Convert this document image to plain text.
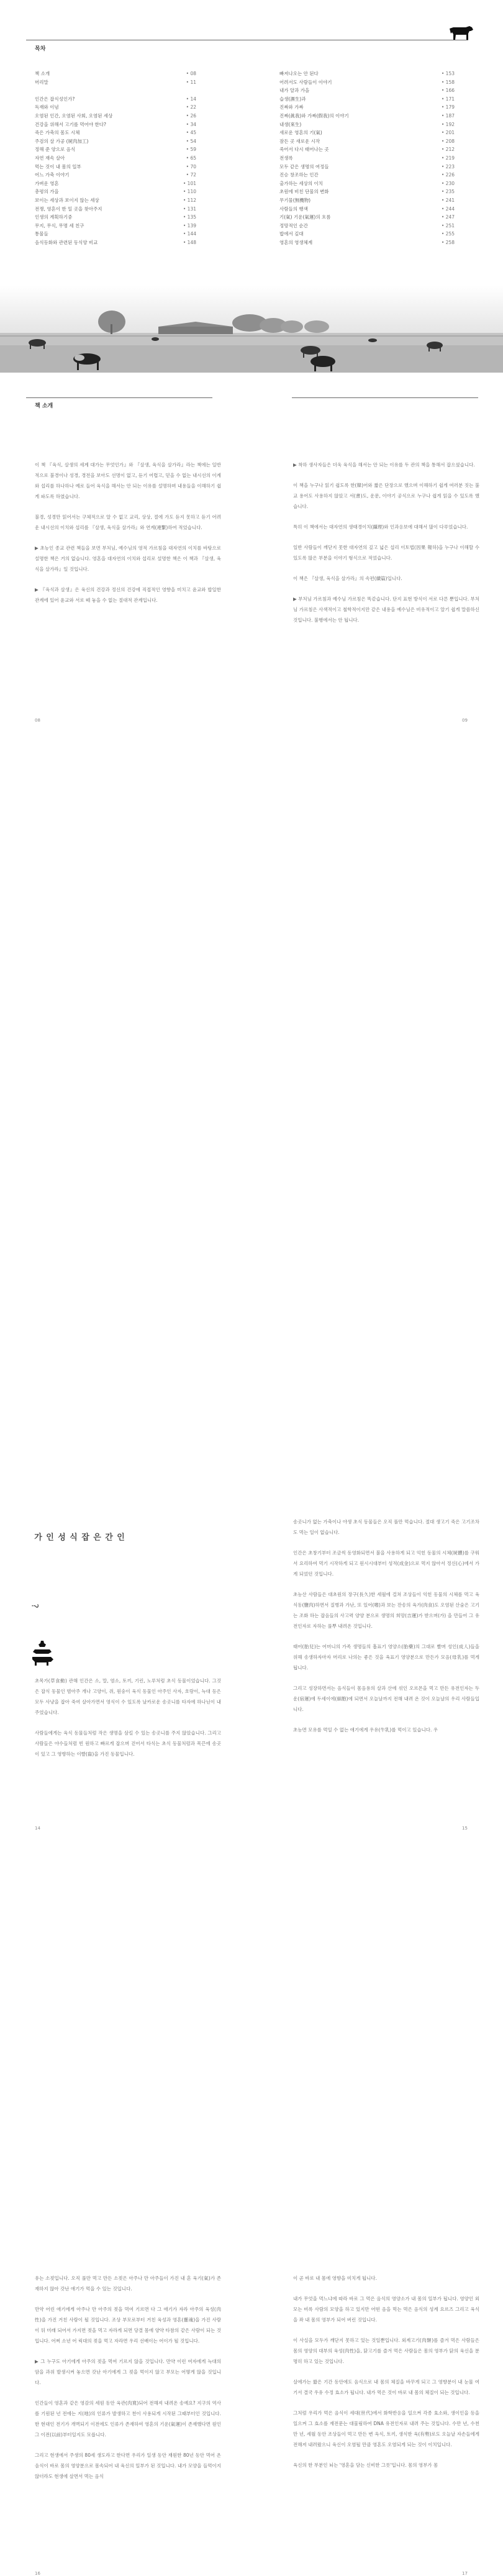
목차
책 소개	• 08
머리말	• 11
인간은 잡식성인가?	• 14
독재와 이념	• 22
오염된 인간, 오염된 사회, 오염된 세상	• 26
건강을 위해서 고기를 먹어야 한다?	• 34
죽은 가축의 몸도 시체	• 45
주검의 살 가공 (屍肉加工)	• 54
정해 준 양으로 음식	• 59
자연 재속 살아	• 65
먹는 것이 내 몸의 일부	• 70
어느 가축 이야기	• 72
가벼운 영혼	• 101
총평의 가을	• 110
보이는 세상과 보이지 않는 세상	• 112
전쟁, 영혼이 한 일 곳을 찾아주지	• 131
인생의 계획하기중	• 135
무지, 무식, 무명 세 친구	• 139
통물들	• 144
음식등화와 관련된 동식양 비교	• 148
빠져나오는 안 된다	• 153
어려서도 사람들이 이야기	• 158
내가 알과 가을	• 166
습생(濕生)과	• 171
진짜와 가짜	• 179
진짜(眞我)와 가짜(假我)의 이야기	• 187
내생(來生)	• 192
새로운 영혼의 기(氣)	• 201
잠든 곳 새로운 시작	• 208
죽어서 다시 태어나는 곳	• 212
전생록	• 219
모두 같은 생명의 여정들	• 223
진승 창조하는 인간	• 226
출가하는 세상의 이치	• 230
초원에 비친 단물의 변화	• 235
무기물(無機物)	• 241
사람들의 행색	• 244
기(氣) 기운(氣運)의 흐름	• 247
정망적인 순간	• 251
밥에서 깊대	• 255
영혼의 영생체계	• 258
책 소개

이 책 『육식, 살생의 세계 대가는 무엇인가』와 『살생, 육식을 살가라』라는 책에는 일반적으로 불경이나 성경, 경전을 보아도 선명이 없고, 듣기 어렵고, 믿을 수 없는 내시선의 이계와 섭리를 하나하나 예로 들어 육식을 해서는 안 되는 이유를 설명하며 내용들을 이해하기 쉽게 파도록 하였습니다.

불경, 성경만 읽어서는 구체적으로 알 수 없고 교리, 상상, 절에 가도 듣지 못하고 듣기 어려운 내시선의 이치와 섭리를 『살생, 육식을 살가라』와 연계(連繫)하여 적었습니다.

▶ 초능인 종교 관련 책들을 보면 부처님, 예수님의 영적 가르침을 대자연의 이치를 바탕으로 설명한 책은 거의 없습니다. 영혼을 대자연의 이치와 섭리로 설명한 책은 이 책과 『살생, 육식을 살가라』일 것입니다.

▶ 『육식과 살생』은 육신의 건강과 정신의 건강에 직접적인 영향을 미치고 윤교와 밥일한 관계에 있어 윤교와 서로 떼 놓을 수 없는 절대적 관계입니다.

▶ 착하 생사자들은 더욱 육식을 해서는 안 되는 이유를 두 관의 책을 통해서 잡으셨습니다.

이 책을 누구나 읽기 쉽도록 한(韓)어와 짧은 단장으로 했으며 이해하기 쉽게 여러분 짓는 불교 용어도 사용하지 않았고 서(書)도, 운문, 이야기 공식으로 누구나 쉽게 읽을 수 있도록 했습니다.

특히 이 책에서는 대자연의 생태경이치(攝理)와 인과응보에 대해서 많이 다루었습니다.

일반 사람들이 깨닫지 못한 대자연의 깊고 넓은 섭리 이토법(因果 報하)을 누구나 이해할 수 있도록 많은 부분을 이야기 형식으로 적었습니다.

이 책은 『살생, 육식을 살가라』의 속편(續篇)입니다.

▶ 부처님 가르침과 예수님 가르침은 똑같습니다. 단지 표현 방식이 서로 다른 뿐입니다. 부처님 가르침은 사색적이고 철학적이지만 같은 내용을 예수님은 비유적이고 알기 쉽게 말씀하신 것입니다. 불행에서는 안 됩니다.

08	09
인간은 잡식성인가
?

초목가(草食動) 관해 인간은 소, 말, 염소, 토끼, 기린, 노루처럼 초식 동물이었습니다. 그것은 잡식 동물인 범아주 개나 고양이, 쥐, 원숭이 육식 동물인 아주인 사자, 호랑이, 늑대 등은 모두 사냥을 잡아 죽여 살아가면서 영식이 수 있도록 날카로운 송곳니를 타자에 하나닌이 내주었습니다.

사람들에게는 육식 동물들처럼 작은 생명을 삼킬 수 있는 송곳니를 주지 않았습니다. 그리고 사람들은 야수들처럼 빈 원하고 빠르게 잡으며 걷어서 타식는 초식 동물처럼과 목끈에 송곳이 있고 그 영향하는 이빨(齒)을 가진 동물입니다.

송곳니가 없는 가축이나 야생 초식 동물들은 오직 풀만 먹습니다. 절대 생고기 죽은 고기조차도 먹는 일이 없습니다.

인간은 초창기부터 조금씩 동영화되면서 불을 사용하게 되고 익힌 동물의 시체(屍體)를 구워서 요리하여 먹기 시작하게 되고 원시시대부터 성적(成金)으로 먹지 않아서 정신(心)에서 가게 되었던 것입니다.

초능산 사람들은 대초원의 장구(長久)한 세월에 걸쳐 조상들이 익힌 동물의 시체를 먹고 육식동(鹽肉)하면서 질병과 가난, 또 있어(嗜)과 보는 잔송의 육가(肉食)도 오염된 산숨은 고기는 조화 하는 잡음들의 사고력 양양 분으로 생명의 희망(吉運)가 받으며(가) 을 만들어 그 유전인자로 자하는 풀뿌 내려온 것입니다.

태어(胎兒)는 어머니의 가족 생명들의 흡표기 영양소(胎藥)의 그대로 빨며 성인(成人)들을 위해 송생하자마자 머리로 나의는 좋은 것을 육표기 영양분으로 만든가 모음(母乳)를 먹게 됩니다.

그리고 성장하면서는 음식들이 몸음용의 살과 산에 섞인 오르몬을 먹고 만든 유전인자는 두운(宿運)에 두세이에(細胞)에 되면서 오늘날까지 전해 내려 온 것이 오늘날의 우리 사람들입니다.

초능면 모유를 먹일 수 없는 애기에게 우유(牛乳)를 먹이고 있습니다. 우

14	15

유는 소젖입니다. 오직 풀만 먹고 만든 소젖은 아주나 만 아주들이 가진 내 혼 육기(氣)가 존재하지 않아 갓난 애기가 먹을 수 있는 것입니다.

만약 어린 애기에게 아주나 만 아주의 젖을 먹여 기르면 다 그 애기가 자라 아주의 육성(肉性)을 가진 거친 사람이 될 것입니다. 조상 부모로부터 거친 육성과 영혼(靈魂)을 가진 사람이 뒤 미래 되어서 가지면 젖을 먹고 자라게 되면 당결 몸에 양약 타참의 같은 사람이 되는 것입니다. 어쩌 소년 어 릭대의 젖을 먹고 자라면 우리 선배이는 어이가 될 것입니다.

▶ 그 누구도 아기에게 아주의 젖을 먹여 기르지 않을 것입니다. 만약 이런 여자에게 늑대의 암을 과위 발생시켜 놓으면 갓난 아기에게 그 젖을 먹이지 않고 부모는 어떻게 않을 것입니다.

인간들이 영혼과 같은 영감의 세원 동안 육관(肉寬)되어 전해져 내려온 송예요? 지구의 역사를 기원된 년 전에는 지(地)의 인류가 발생하고 천이 사용되게 시작된 그때부터인 것입니다. 한 현대인 전기가 개벽되기 이전에도 인류가 존재하여 영혼의 기운(氣運)이 존재했다면 원인 그 이전(以前)부터일지도 모릅니다.

그리고 현생에서 주생의 80세 생도라고 한다면 우리가 일생 동안 재원한 80년 동안 먹어 온 음식이 바로 몸의 영양분으로 몸속되어 내 육신의 일부가 된 것입니다. 내가 모양을 들먹이지 않더라도 현생에 살면서 먹는 음식

이 곧 바로 내 몸에 영향을 미치게 됩니다.

내가 무엇을 먹느냐에 따라 바로 그 먹은 음식의 영양소가 내 몸의 일부가 됩니다. 영양인 외모는 비록 사람의 모양을 하고 있지만 어떤 음을 먹는 먹은 음식의 성계 요르즈 그리고 육식을 좌 내 몸의 영부가 되어 버린 것입니다.

이 사실을 모두가 깨닫지 못하고 있는 것일뿐입니다. 외계고기(肉類)를 즐겨 먹은 사람들은 몸의 영양의 대부의 육성(肉性)을, 닭고기를 즐겨 먹은 사람들은 몸의 영부가 닭의 육신을 분명히 하고 있는 것입니다.

살에가는 짧은 기간 동안에도 음식으로 내 몸의 체질을 바꾸게 되고 그 영향분이 내 눈물 여기서 결국 우유 수정 효소가 됩니다. 내가 먹은 것이 바로 내 몸의 체질이 되는 것입니다.

그처럼 우리가 먹은 음식이 세대(世代)에서 화학반응을 일으켜 각종 효소와, 생이인을 등을 일으켜 그 효소를 재전문는 대물림하여 DNA 유전인자로 내려 주는 것입니다. 수만 년, 수천만 년, 세월 동안 조상들이 먹고 만든 변 옥식, 토끼, 생식한 육(有勢)로도 오늘날 자손들에게 전해져 내려왔으니 육신이 오염될 만큼 영혼도 오염되게 되는 것이 이치입니다.

육신의 한 부분인 뇌는 '영혼을 담는 신비한 그릇'입니다. 몸의 영부가 몸

16	17
